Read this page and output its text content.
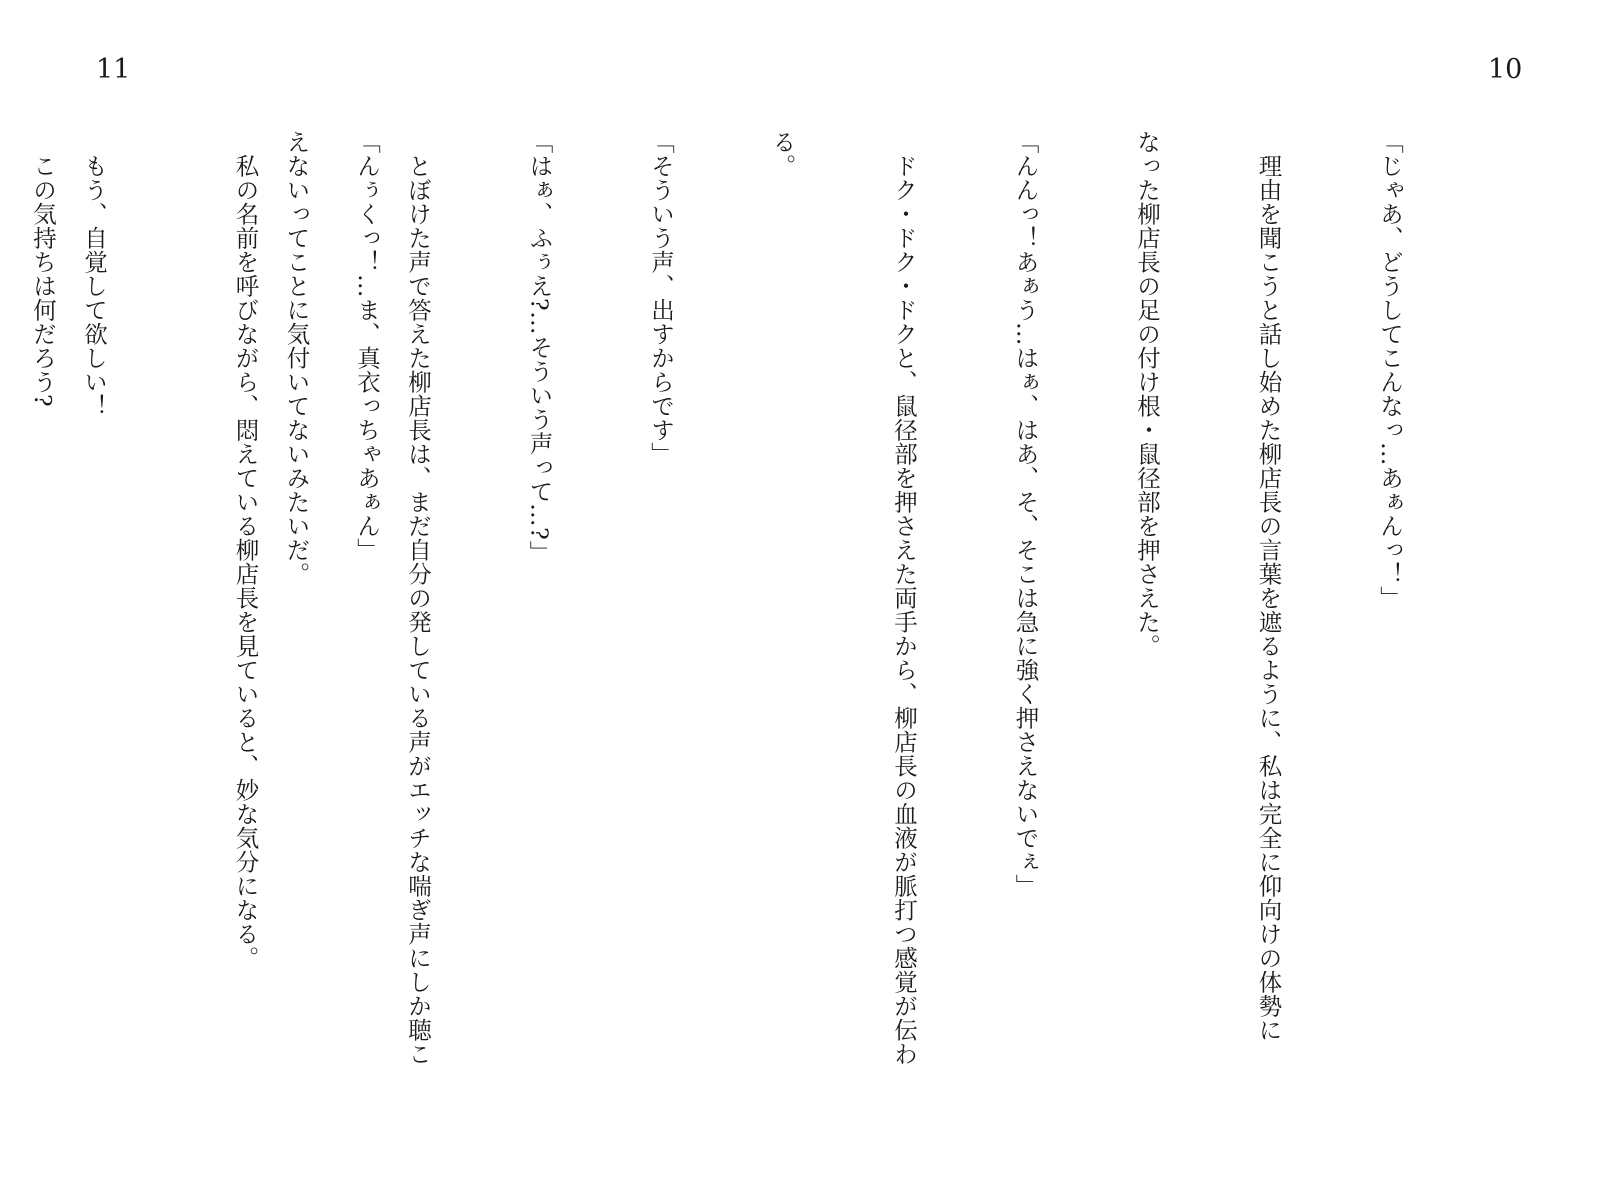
11	10

「じゃあ、どうしてこんなっ…あぁんっ！」

　理由を聞こうと話し始めた柳店長の言葉を遮るように、私は完全に仰向けの体勢に

なった柳店長の足の付け根・鼠径部を押さえた。

「んんっ！あぁう…はぁ、はあ、そ、そこは急に強く押さえないでぇ」

　ドク・ドク・ドクと、鼠径部を押さえた両手から、柳店長の血液が脈打つ感覚が伝わ

る。

「そういう声、出すからです」

「はぁ、ふぅえ?…そういう声って…?」

　とぼけた声で答えた柳店長は、まだ自分の発している声がエッチな喘ぎ声にしか聴こ

えないってことに気付いてないみたいだ。

　もう、自覚して欲しい！

	「んぅくっ！…ま、真衣っちゃあぁん」

　私の名前を呼びながら、悶えている柳店長を見ていると、妙な気分になる。

　この気持ちは何だろう?
